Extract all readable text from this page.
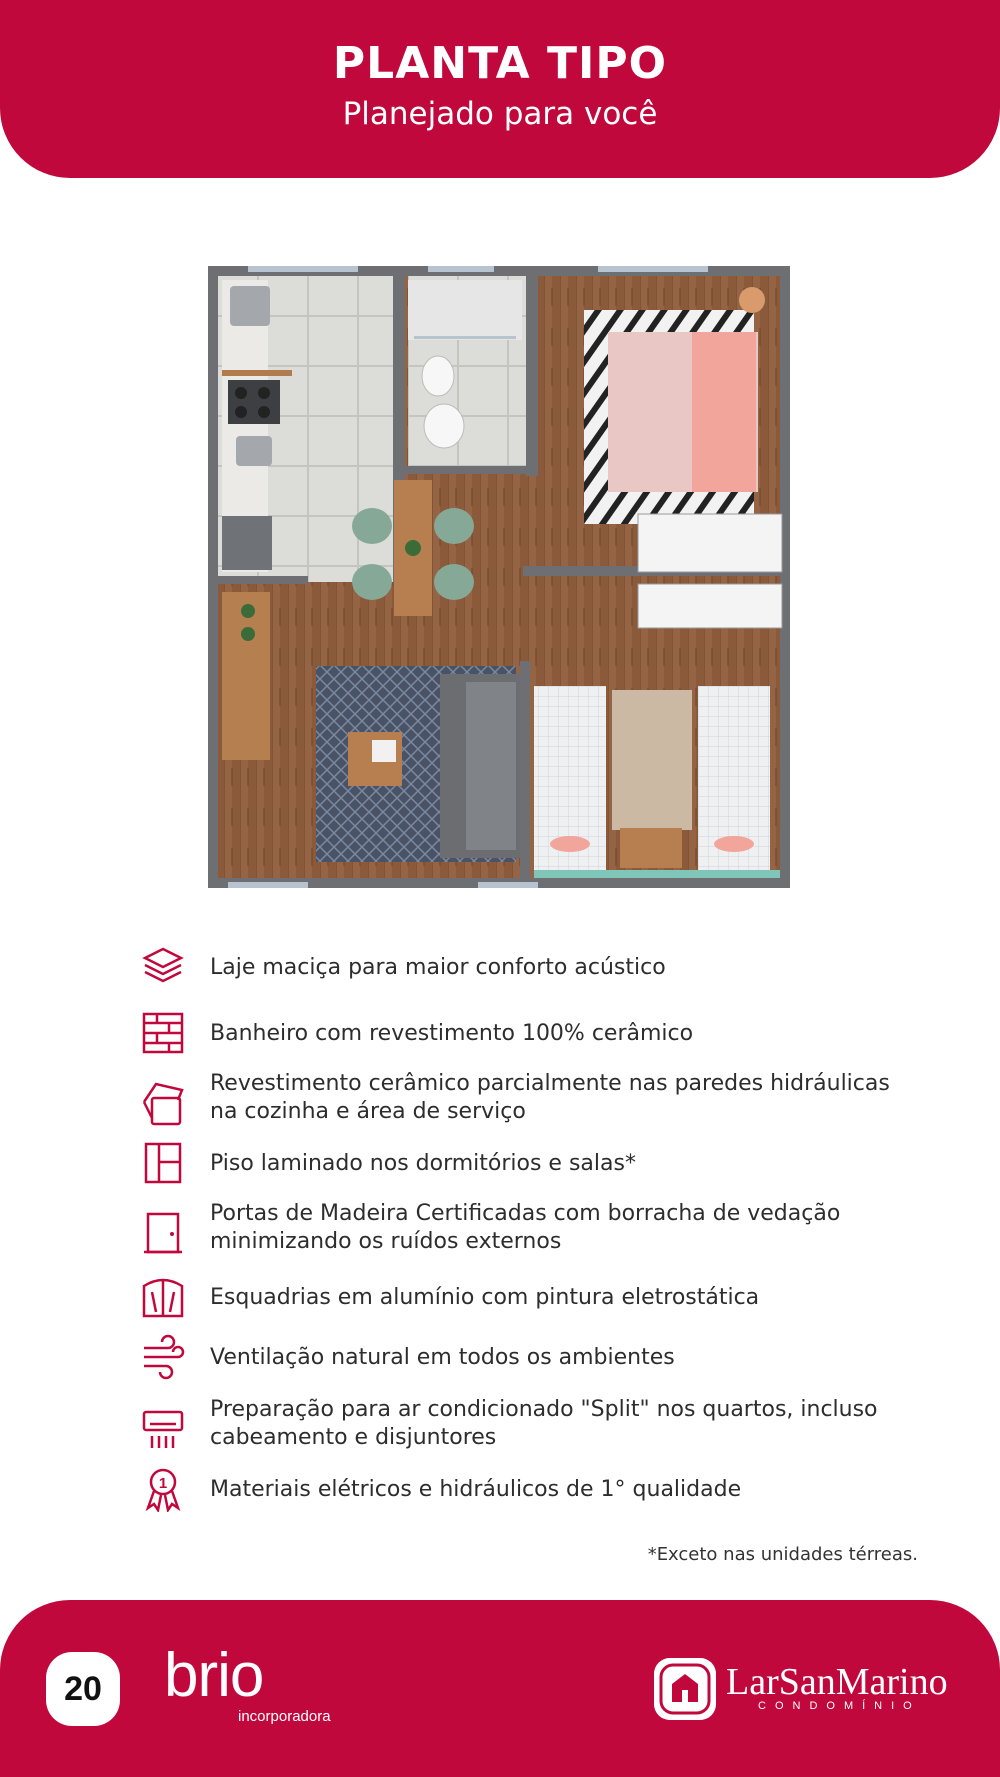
PLANTA TIPO
Planejado para você
Laje maciça para maior conforto acústico
Banheiro com revestimento 100% cerâmico
Revestimento cerâmico parcialmente nas paredes hidráulicas na cozinha e área de serviço
Piso laminado nos dormitórios e salas*
Portas de Madeira Certificadas com borracha de vedação minimizando os ruídos externos
Esquadrias em alumínio com pintura eletrostática
Ventilação natural em todos os ambientes
Preparação para ar condicionado "Split" nos quartos, incluso cabeamento e disjuntores
1 Materiais elétricos e hidráulicos de 1° qualidade
*Exceto nas unidades térreas.
20 brio
incorporadora
LarSanMarino
CONDOMÍNIO
